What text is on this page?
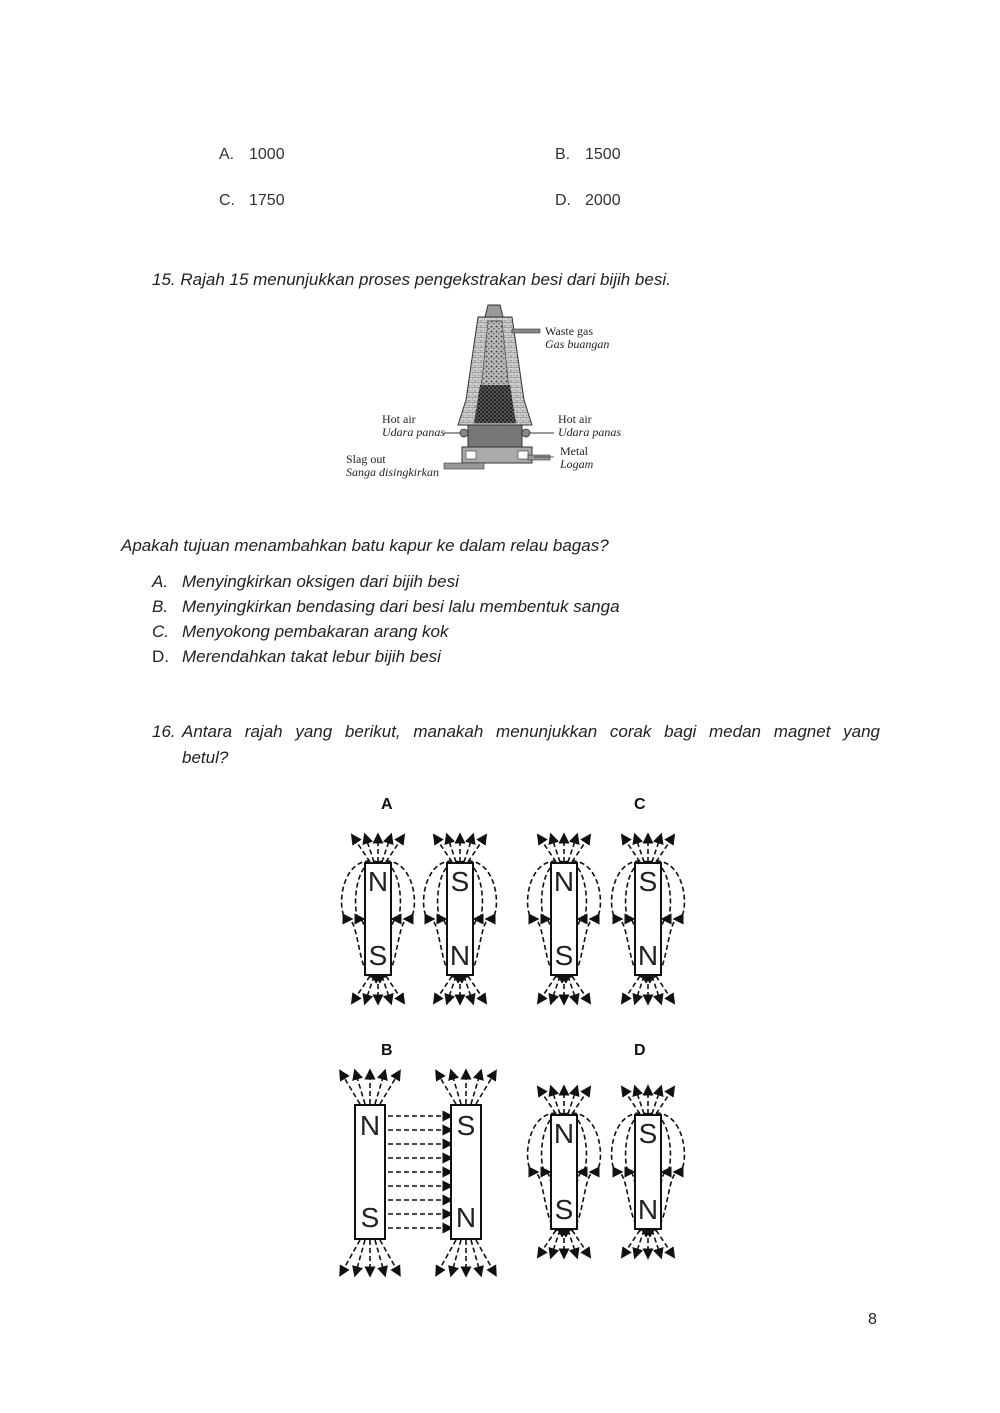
A. 1000	B. 1500
C. 1750	D. 2000
15. Rajah 15 menunjukkan proses pengekstrakan besi dari bijih besi.
Waste gas
Gas buangan
Hot air
Udara panas
Hot air
Udara panas
Slag out
Sanga disingkirkan
Metal
Logam
Apakah tujuan menambahkan batu kapur ke dalam relau bagas?
A. Menyingkirkan oksigen dari bijih besi
B. Menyingkirkan bendasing dari besi lalu membentuk sanga
C. Menyokong pembakaran arang kok
D. Merendahkan takat lebur bijih besi
16. Antara rajah yang berikut, manakah menunjukkan corak bagi medan magnet yang
betul?
A	C
B	D
N
S
S
N
N
S
S
N
N
S
S
N
N
S
S
N
8
